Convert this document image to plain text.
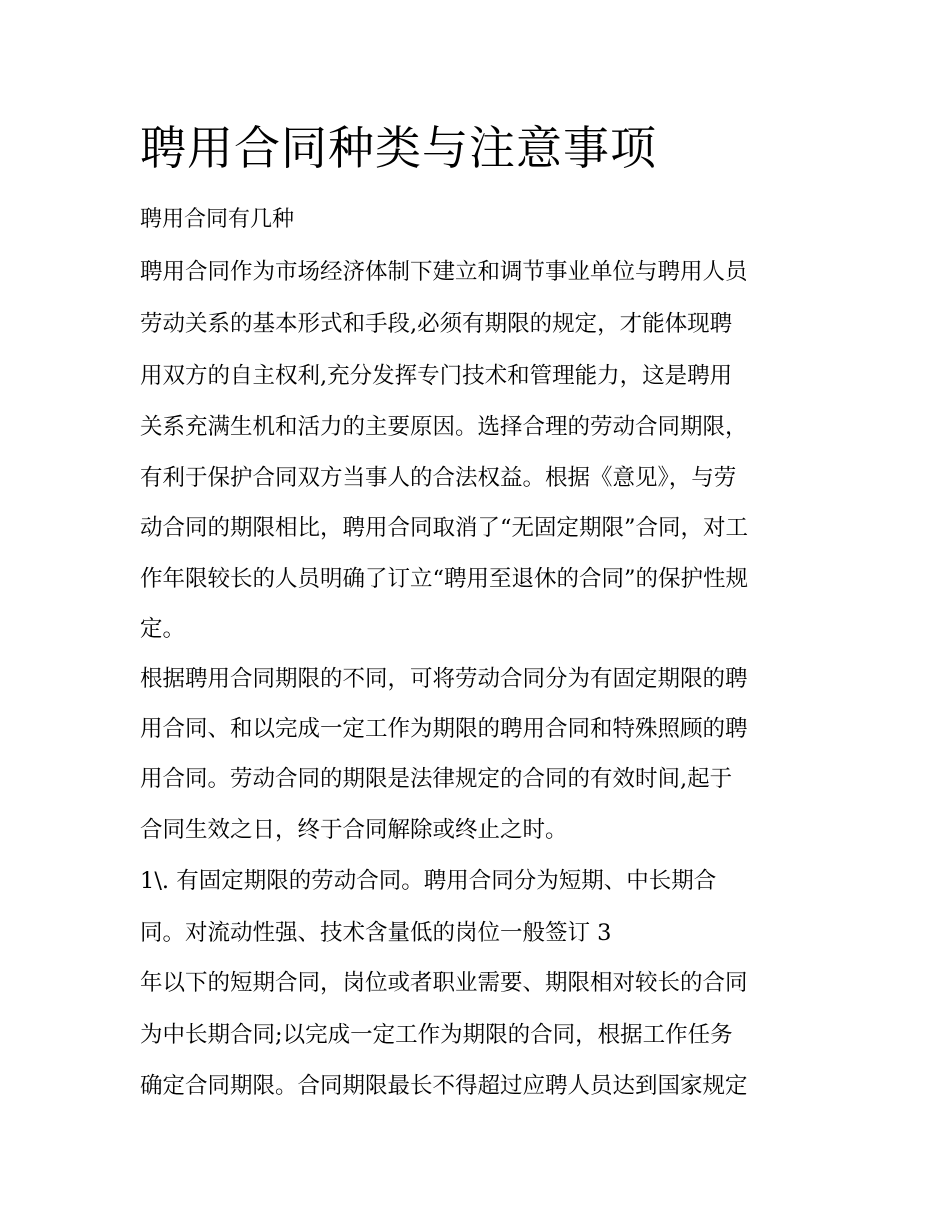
聘用合同种类与注意事项

聘用合同有几种

聘用合同作为市场经济体制下建立和调节事业单位与聘用人员

劳动关系的基本形式和手段,必须有期限的规定，才能体现聘

用双方的自主权利,充分发挥专门技术和管理能力，这是聘用

关系充满生机和活力的主要原因。选择合理的劳动合同期限，

有利于保护合同双方当事人的合法权益。根据《意见》，与劳

动合同的期限相比，聘用合同取消了“无固定期限”合同，对工

作年限较长的人员明确了订立“聘用至退休的合同”的保护性规

定。

根据聘用合同期限的不同，可将劳动合同分为有固定期限的聘

用合同、和以完成一定工作为期限的聘用合同和特殊照顾的聘

用合同。劳动合同的期限是法律规定的合同的有效时间,起于

合同生效之日，终于合同解除或终止之时。

1\. 有固定期限的劳动合同。聘用合同分为短期、中长期合

同。对流动性强、技术含量低的岗位一般签订 3

年以下的短期合同，岗位或者职业需要、期限相对较长的合同

为中长期合同;以完成一定工作为期限的合同，根据工作任务

确定合同期限。合同期限最长不得超过应聘人员达到国家规定
